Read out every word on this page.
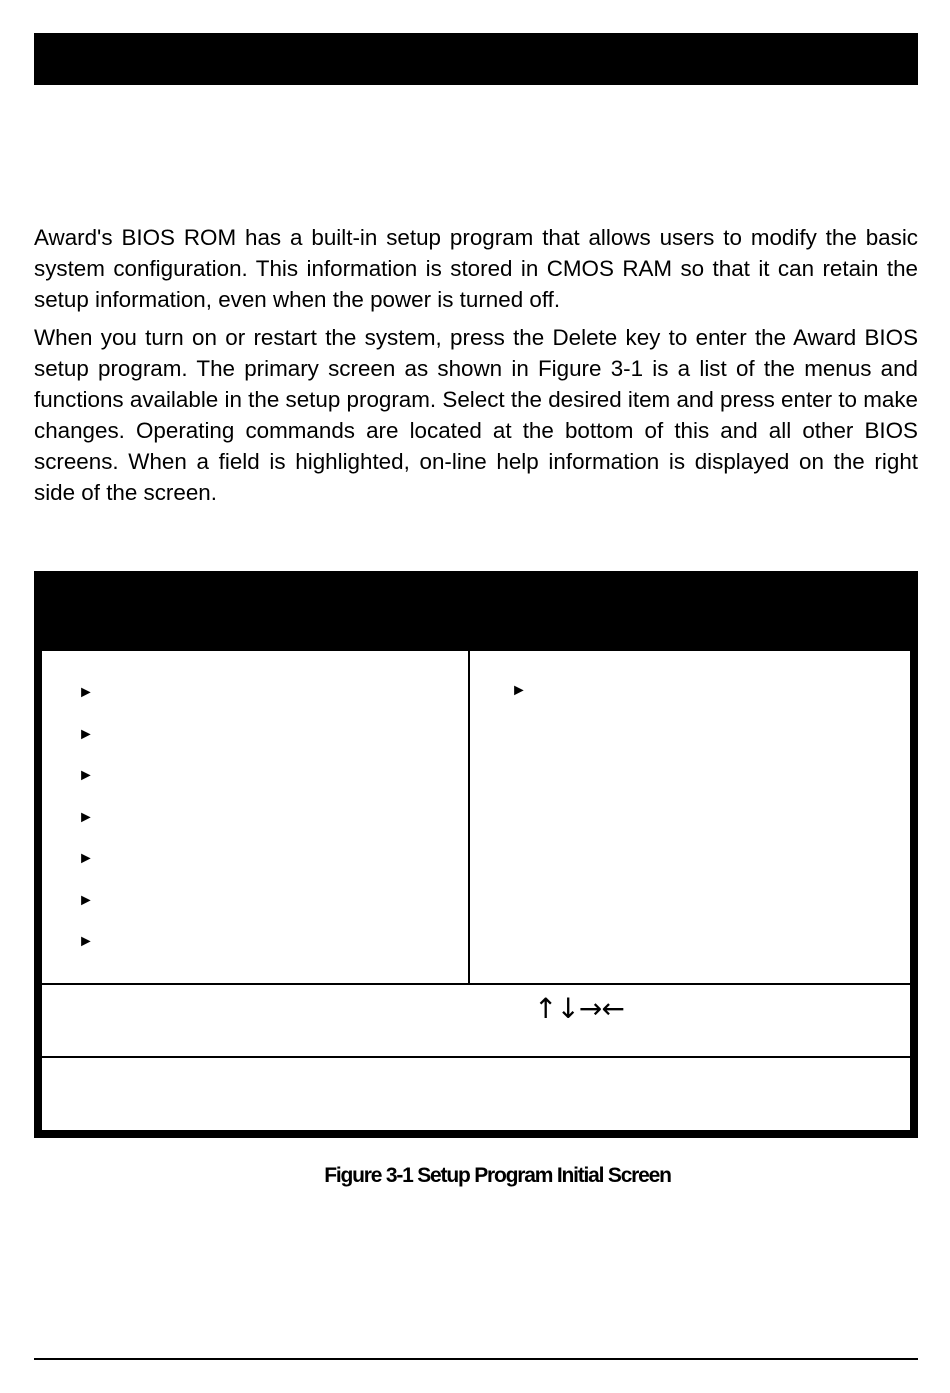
Award's BIOS ROM has a built-in setup program that allows users to modify the basic system configuration. This information is stored in CMOS RAM so that it can retain the setup information, even when the power is turned off.

When you turn on or restart the system, press the Delete key to enter the Award BIOS setup program. The primary screen as shown in Figure 3-1 is a list of the menus and functions available in the setup program. Select the desired item and press enter to make changes. Operating commands are located at the bottom of this and all other BIOS screens. When a field is highlighted, on-line help information is displayed on the right side of the screen.

►
►
►
►
►
►
►
►
↑↓→←

Figure 3-1 Setup Program Initial Screen
